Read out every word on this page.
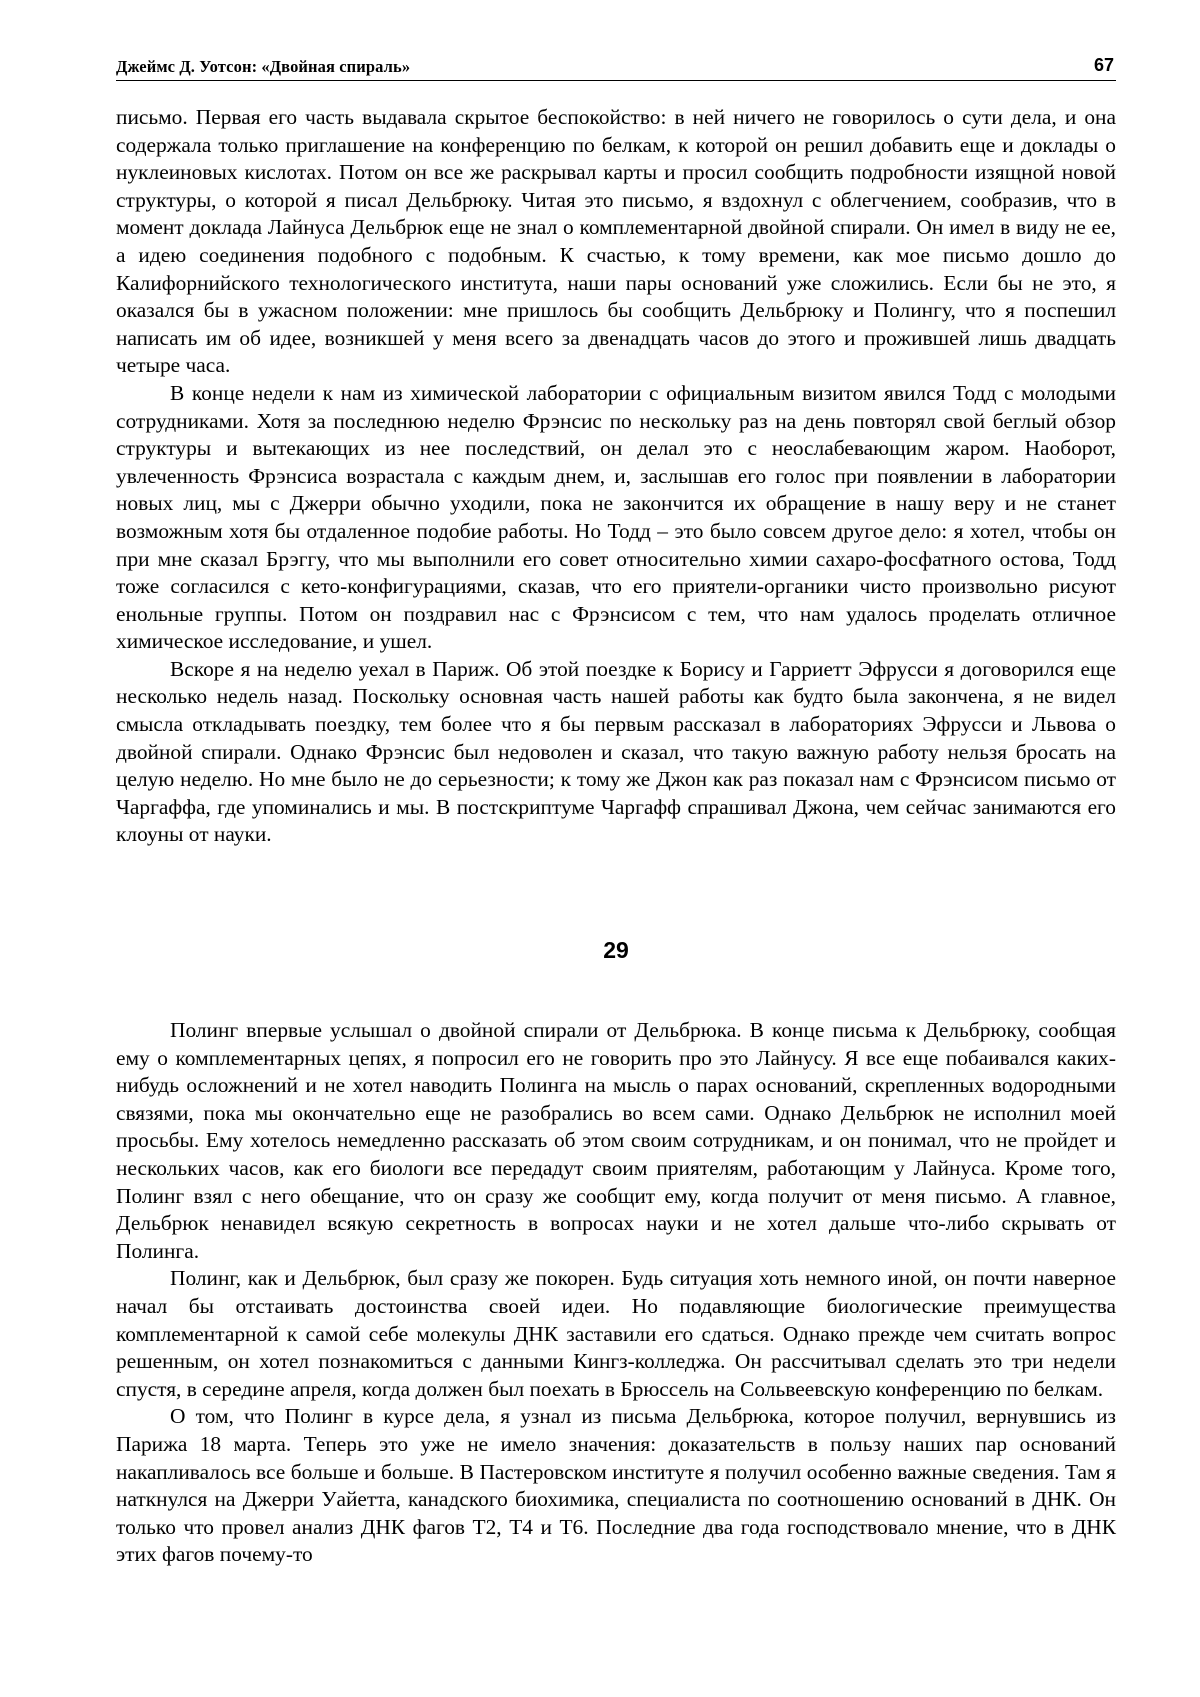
Джеймс Д. Уотсон: «Двойная спираль»	67

письмо. Первая его часть выдавала скрытое беспокойство: в ней ничего не говорилось о сути дела, и она содержала только приглашение на конференцию по белкам, к которой он решил добавить еще и доклады о нуклеиновых кислотах. Потом он все же раскрывал карты и просил сообщить подробности изящной новой структуры, о которой я писал Дельбрюку. Читая это письмо, я вздохнул с облегчением, сообразив, что в момент доклада Лайнуса Дельбрюк еще не знал о комплементарной двойной спирали. Он имел в виду не ее, а идею соединения подобного с подобным. К счастью, к тому времени, как мое письмо дошло до Калифорнийского технологического института, наши пары оснований уже сложились. Если бы не это, я оказался бы в ужасном положении: мне пришлось бы сообщить Дельбрюку и Полингу, что я поспешил написать им об идее, возникшей у меня всего за двенадцать часов до этого и прожившей лишь двадцать четыре часа.

В конце недели к нам из химической лаборатории с официальным визитом явился Тодд с молодыми сотрудниками. Хотя за последнюю неделю Фрэнсис по нескольку раз на день повторял свой беглый обзор структуры и вытекающих из нее последствий, он делал это с неослабевающим жаром. Наоборот, увлеченность Фрэнсиса возрастала с каждым днем, и, заслышав его голос при появлении в лаборатории новых лиц, мы с Джерри обычно уходили, пока не закончится их обращение в нашу веру и не станет возможным хотя бы отдаленное подобие работы. Но Тодд – это было совсем другое дело: я хотел, чтобы он при мне сказал Брэггу, что мы выполнили его совет относительно химии сахаро-фосфатного остова, Тодд тоже согласился с кето-конфигурациями, сказав, что его приятели-органики чисто произвольно рисуют енольные группы. Потом он поздравил нас с Фрэнсисом с тем, что нам удалось проделать отличное химическое исследование, и ушел.

Вскоре я на неделю уехал в Париж. Об этой поездке к Борису и Гарриетт Эфрусси я договорился еще несколько недель назад. Поскольку основная часть нашей работы как будто была закончена, я не видел смысла откладывать поездку, тем более что я бы первым рассказал в лабораториях Эфрусси и Львова о двойной спирали. Однако Фрэнсис был недоволен и сказал, что такую важную работу нельзя бросать на целую неделю. Но мне было не до серьезности; к тому же Джон как раз показал нам с Фрэнсисом письмо от Чаргаффа, где упоминались и мы. В постскриптуме Чаргафф спрашивал Джона, чем сейчас занимаются его клоуны от науки.

29

Полинг впервые услышал о двойной спирали от Дельбрюка. В конце письма к Дельбрюку, сообщая ему о комплементарных цепях, я попросил его не говорить про это Лайнусу. Я все еще побаивался каких-нибудь осложнений и не хотел наводить Полинга на мысль о парах оснований, скрепленных водородными связями, пока мы окончательно еще не разобрались во всем сами. Однако Дельбрюк не исполнил моей просьбы. Ему хотелось немедленно рассказать об этом своим сотрудникам, и он понимал, что не пройдет и нескольких часов, как его биологи все передадут своим приятелям, работающим у Лайнуса. Кроме того, Полинг взял с него обещание, что он сразу же сообщит ему, когда получит от меня письмо. А главное, Дельбрюк ненавидел всякую секретность в вопросах науки и не хотел дальше что-либо скрывать от Полинга.

Полинг, как и Дельбрюк, был сразу же покорен. Будь ситуация хоть немного иной, он почти наверное начал бы отстаивать достоинства своей идеи. Но подавляющие биологические преимущества комплементарной к самой себе молекулы ДНК заставили его сдаться. Однако прежде чем считать вопрос решенным, он хотел познакомиться с данными Кингз-колледжа. Он рассчитывал сделать это три недели спустя, в середине апреля, когда должен был поехать в Брюссель на Сольвеевскую конференцию по белкам.

О том, что Полинг в курсе дела, я узнал из письма Дельбрюка, которое получил, вернувшись из Парижа 18 марта. Теперь это уже не имело значения: доказательств в пользу наших пар оснований накапливалось все больше и больше. В Пастеровском институте я получил особенно важные сведения. Там я наткнулся на Джерри Уайетта, канадского биохимика, специалиста по соотношению оснований в ДНК. Он только что провел анализ ДНК фагов Т2, Т4 и Т6. Последние два года господствовало мнение, что в ДНК этих фагов почему-то
